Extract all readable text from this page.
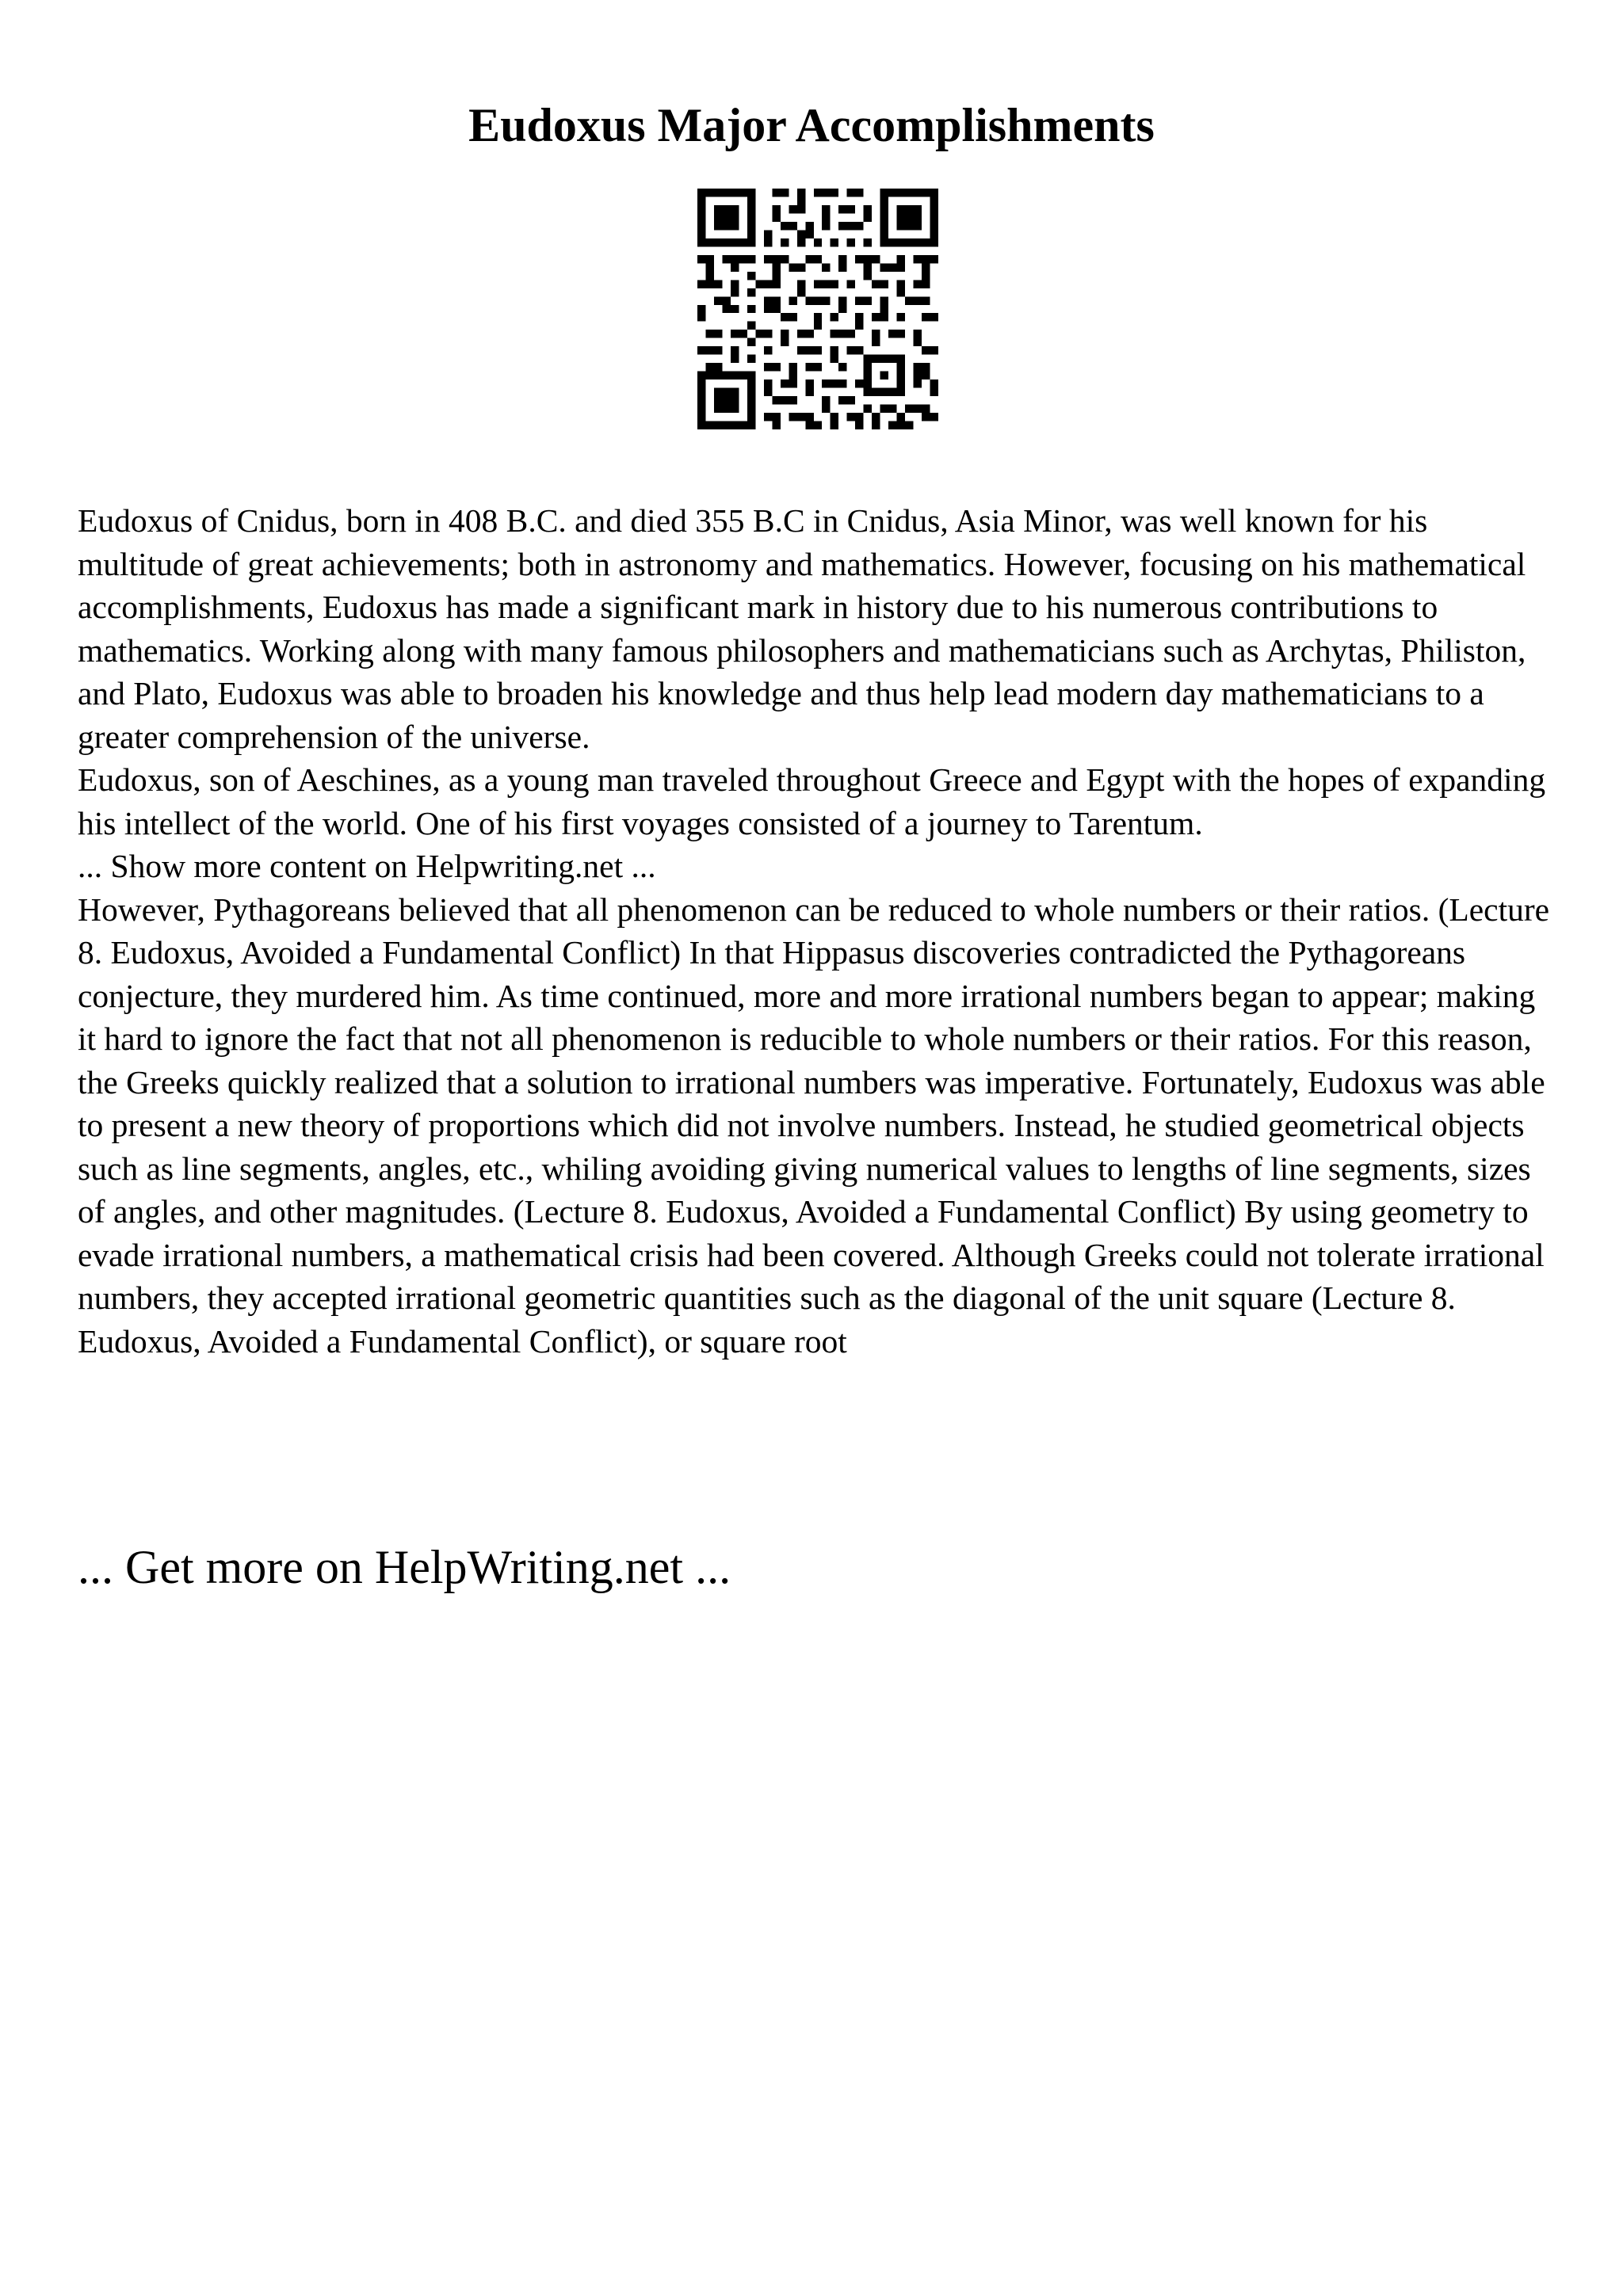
Eudoxus Major Accomplishments

Eudoxus of Cnidus, born in 408 B.C. and died 355 B.C in Cnidus, Asia Minor, was well known for his multitude of great achievements; both in astronomy and mathematics. However, focusing on his mathematical accomplishments, Eudoxus has made a significant mark in history due to his numerous contributions to mathematics. Working along with many famous philosophers and mathematicians such as Archytas, Philiston, and Plato, Eudoxus was able to broaden his knowledge and thus help lead modern day mathematicians to a greater comprehension of the universe.

Eudoxus, son of Aeschines, as a young man traveled throughout Greece and Egypt with the hopes of expanding his intellect of the world. One of his first voyages consisted of a journey to Tarentum.

... Show more content on Helpwriting.net ...

However, Pythagoreans believed that all phenomenon can be reduced to whole numbers or their ratios. (Lecture 8. Eudoxus, Avoided a Fundamental Conflict) In that Hippasus discoveries contradicted the Pythagoreans conjecture, they murdered him. As time continued, more and more irrational numbers began to appear; making it hard to ignore the fact that not all phenomenon is reducible to whole numbers or their ratios. For this reason, the Greeks quickly realized that a solution to irrational numbers was imperative. Fortunately, Eudoxus was able to present a new theory of proportions which did not involve numbers. Instead, he studied geometrical objects such as line segments, angles, etc., whiling avoiding giving numerical values to lengths of line segments, sizes of angles, and other magnitudes. (Lecture 8. Eudoxus, Avoided a Fundamental Conflict) By using geometry to evade irrational numbers, a mathematical crisis had been covered. Although Greeks could not tolerate irrational numbers, they accepted irrational geometric quantities such as the diagonal of the unit square (Lecture 8. Eudoxus, Avoided a Fundamental Conflict), or square root

... Get more on HelpWriting.net ...
